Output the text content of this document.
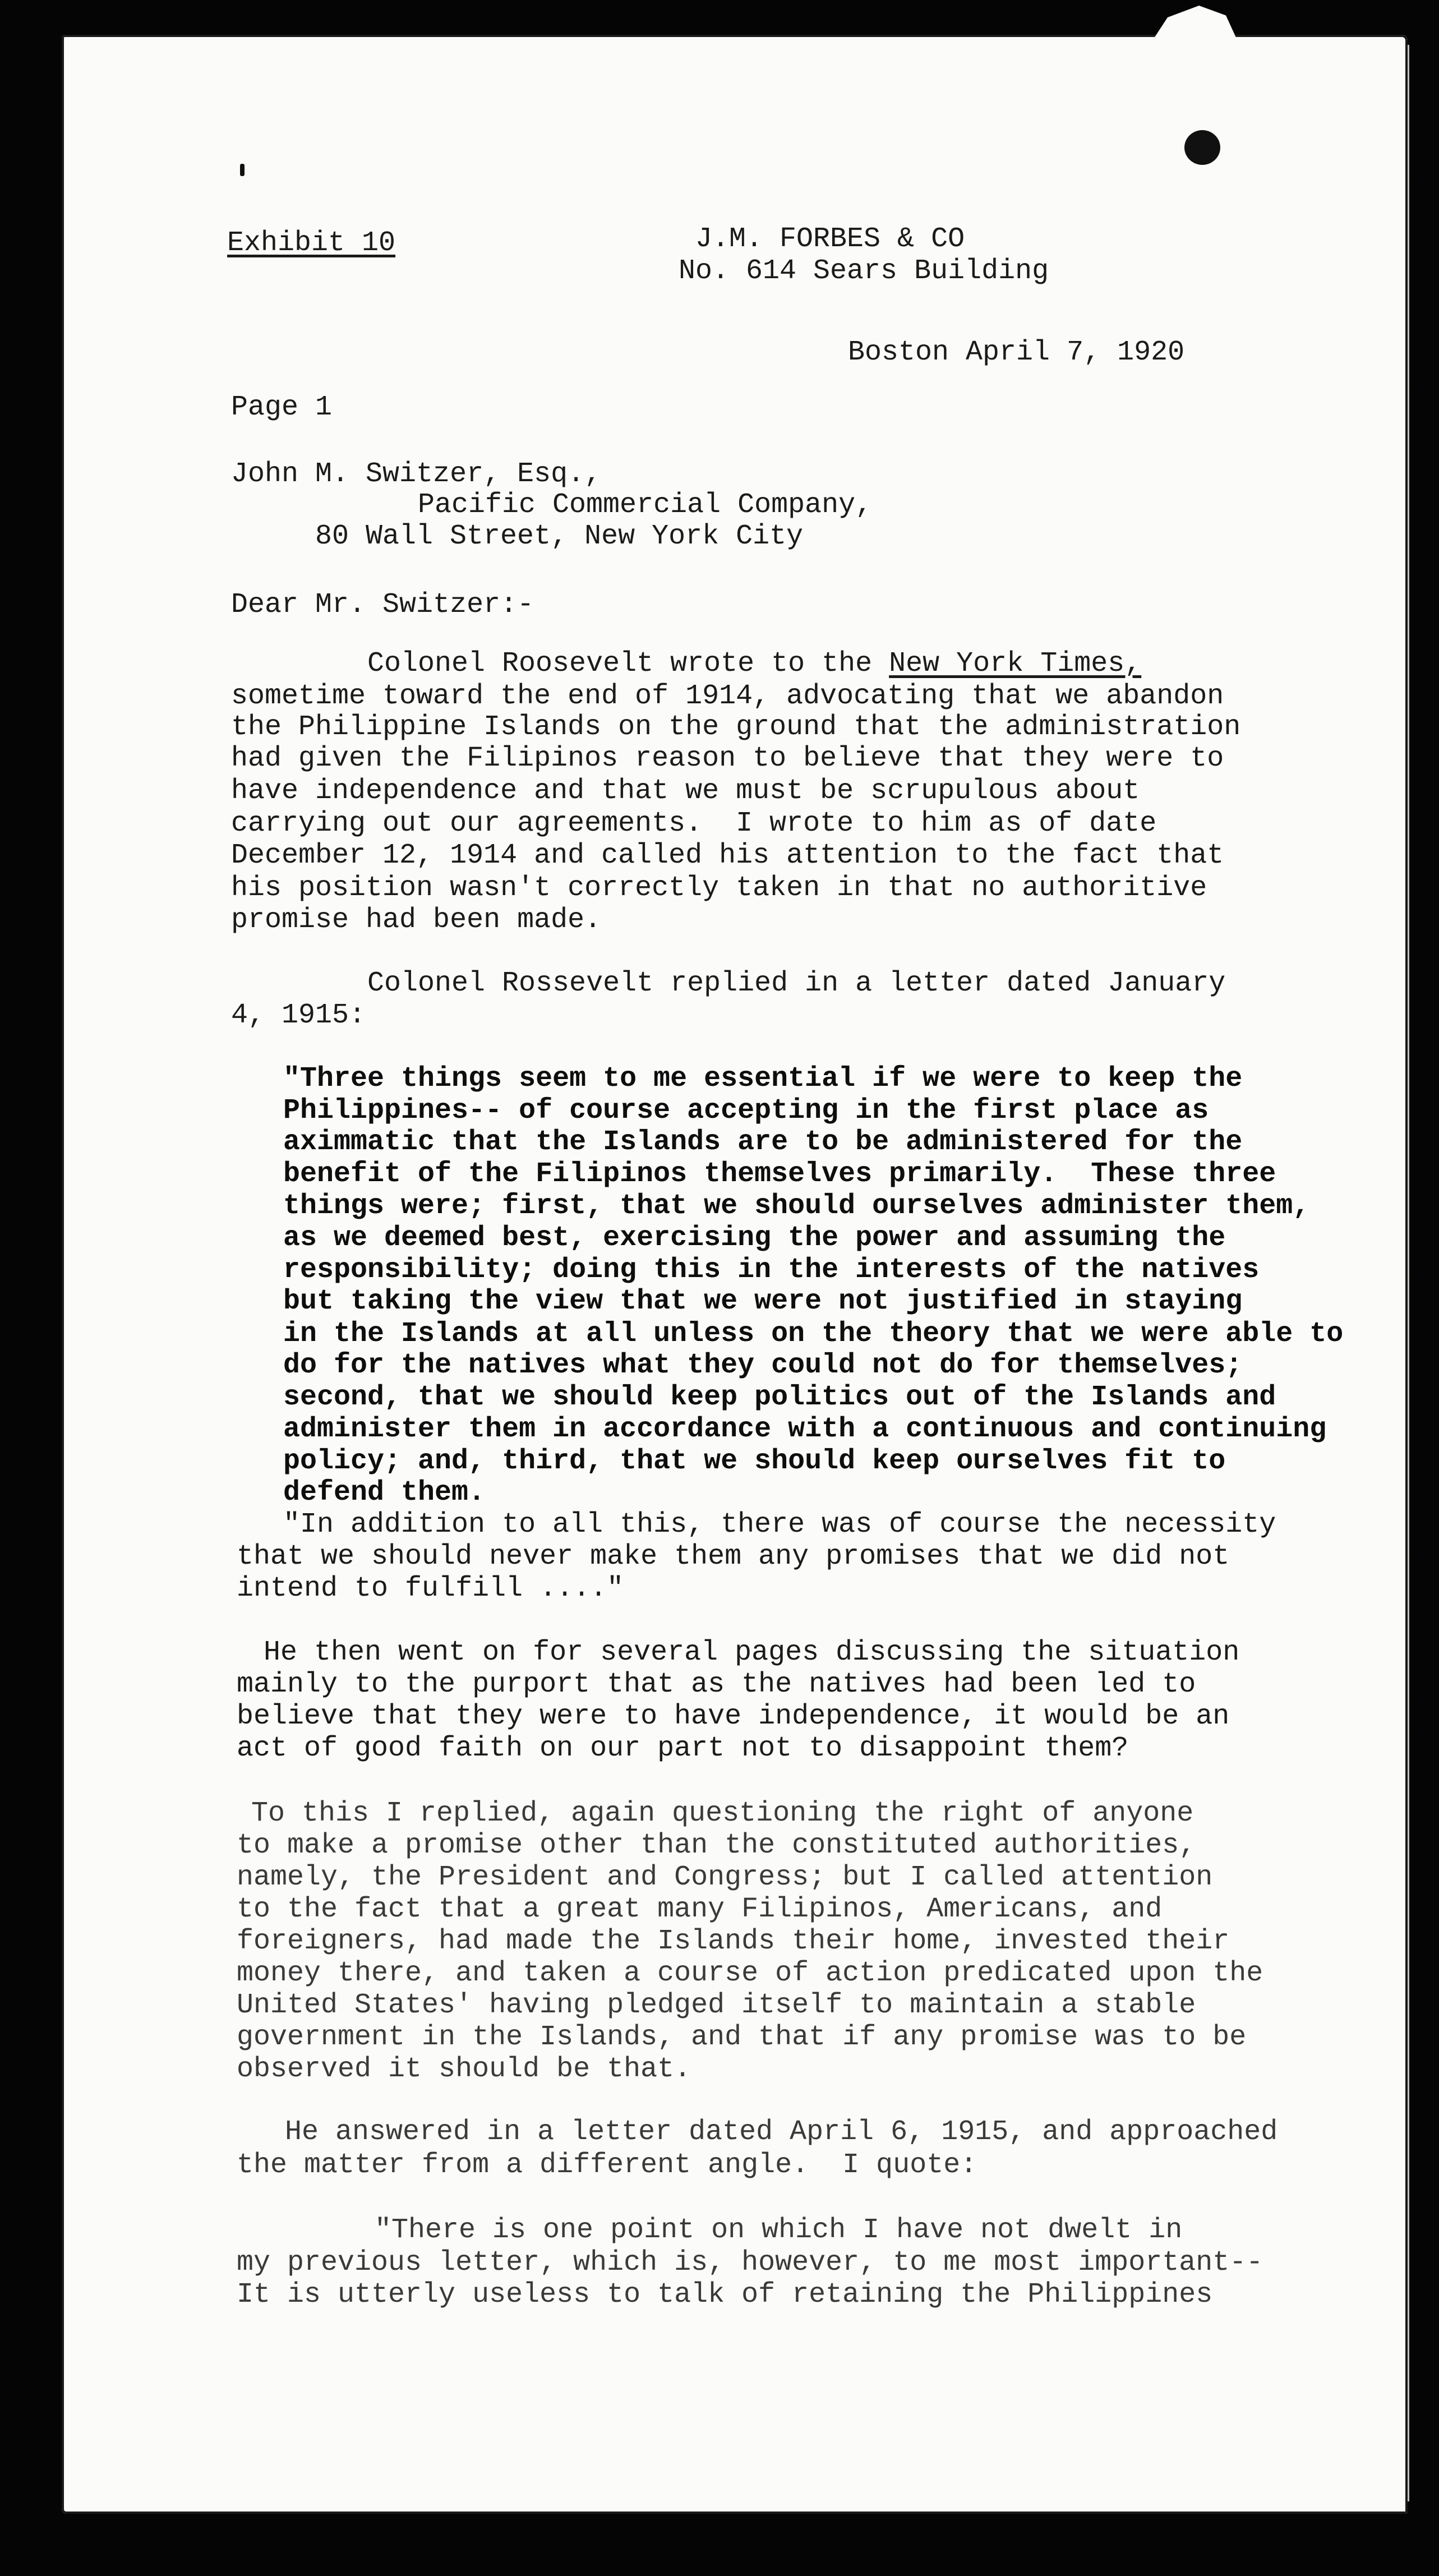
Exhibit 10	J.M. FORBES & CO

No. 614 Sears Building

Boston April 7, 1920

Page 1

John M. Switzer, Esq.,

Pacific Commercial Company,

80 Wall Street, New York City

Dear Mr. Switzer:-

Colonel Roosevelt wrote to the New York Times,

sometime toward the end of 1914, advocating that we abandon

the Philippine Islands on the ground that the administration

had given the Filipinos reason to believe that they were to

have independence and that we must be scrupulous about

carrying out our agreements.  I wrote to him as of date

December 12, 1914 and called his attention to the fact that

his position wasn't correctly taken in that no authoritive

promise had been made.

Colonel Rossevelt replied in a letter dated January

4, 1915:

"Three things seem to me essential if we were to keep the

Philippines-- of course accepting in the first place as

aximmatic that the Islands are to be administered for the

benefit of the Filipinos themselves primarily.  These three

things were; first, that we should ourselves administer them,

as we deemed best, exercising the power and assuming the

responsibility; doing this in the interests of the natives

but taking the view that we were not justified in staying

in the Islands at all unless on the theory that we were able to

do for the natives what they could not do for themselves;

second, that we should keep politics out of the Islands and

administer them in accordance with a continuous and continuing

policy; and, third, that we should keep ourselves fit to

defend them.

"In addition to all this, there was of course the necessity

that we should never make them any promises that we did not

intend to fulfill ...."

He then went on for several pages discussing the situation

mainly to the purport that as the natives had been led to

believe that they were to have independence, it would be an

act of good faith on our part not to disappoint them?

To this I replied, again questioning the right of anyone

to make a promise other than the constituted authorities,

namely, the President and Congress; but I called attention

to the fact that a great many Filipinos, Americans, and

foreigners, had made the Islands their home, invested their

money there, and taken a course of action predicated upon the

United States' having pledged itself to maintain a stable

government in the Islands, and that if any promise was to be

observed it should be that.

He answered in a letter dated April 6, 1915, and approached

the matter from a different angle.  I quote:

"There is one point on which I have not dwelt in

my previous letter, which is, however, to me most important--

It is utterly useless to talk of retaining the Philippines
